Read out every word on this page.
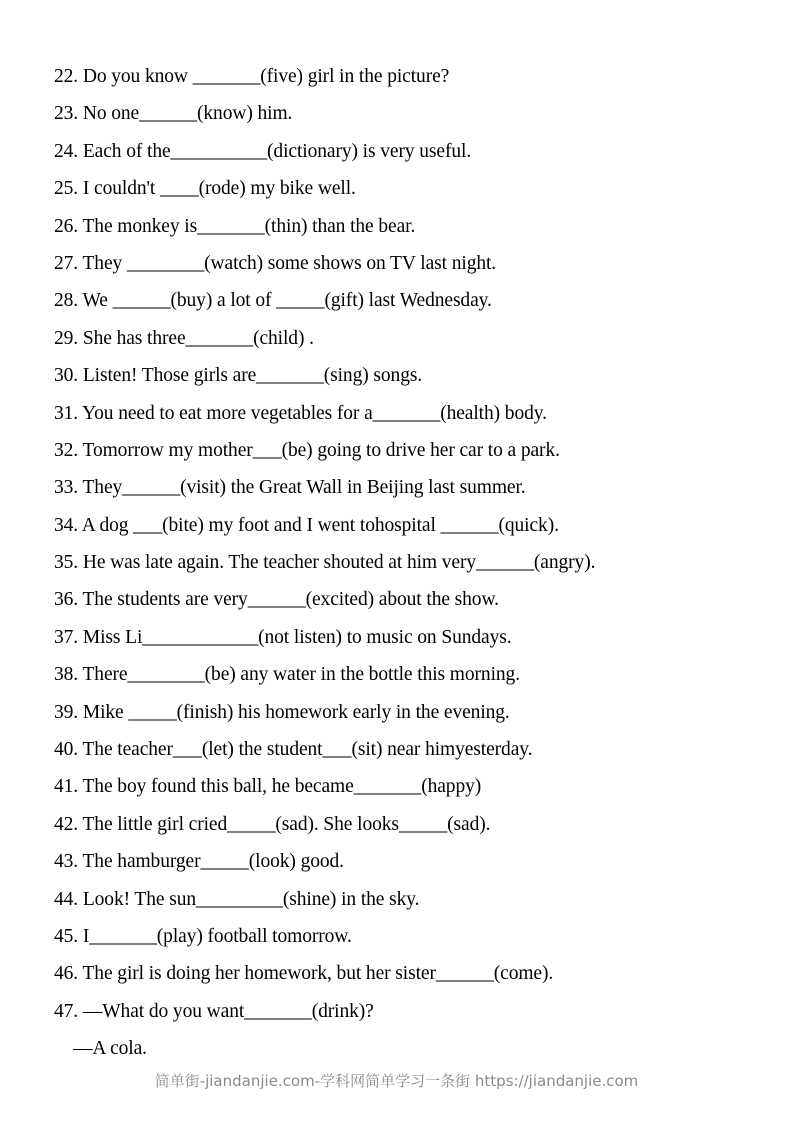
22. Do you know _______(five) girl in the picture?
23. No one______(know) him.
24. Each of the__________(dictionary) is very useful.
25. I couldn't ____(rode) my bike well.
26. The monkey is_______(thin) than the bear.
27. They ________(watch) some shows on TV last night.
28. We ______(buy) a lot of _____(gift) last Wednesday.
29. She has three_______(child) .
30. Listen! Those girls are_______(sing) songs.
31. You need to eat more vegetables for a_______(health) body.
32. Tomorrow my mother___(be) going to drive her car to a park.
33. They______(visit) the Great Wall in Beijing last summer.
34. A dog ___(bite) my foot and I went tohospital ______(quick).
35. He was late again. The teacher shouted at him very______(angry).
36. The students are very______(excited) about the show.
37. Miss Li____________(not listen) to music on Sundays.
38. There________(be) any water in the bottle this morning.
39. Mike _____(finish) his homework early in the evening.
40. The teacher___(let) the student___(sit) near himyesterday.
41. The boy found this ball, he became_______(happy)
42. The little girl cried_____(sad). She looks_____(sad).
43. The hamburger_____(look) good.
44. Look! The sun_________(shine) in the sky.
45. I_______(play) football tomorrow.
46. The girl is doing her homework, but her sister______(come).
47. —What do you want_______(drink)?
—A cola.
简单街-jiandanjie.com-学科网简单学习一条街 https://jiandanjie.com
